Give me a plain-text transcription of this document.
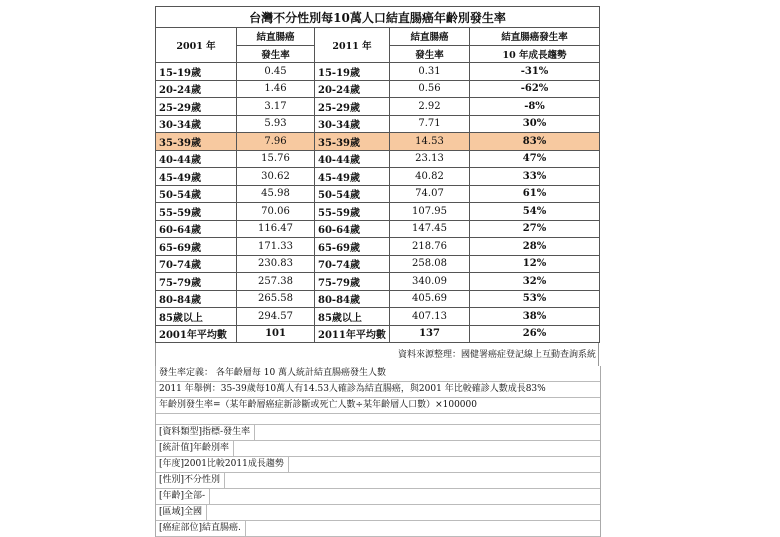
台灣不分性別每10萬人口結直腸癌年齡別發生率				
2001 年	結直腸癌	2011 年	結直腸癌	結直腸癌發生率
	發生率		發生率	10 年成長趨勢
15-19歲	0.45	15-19歲	0.31	-31%
20-24歲	1.46	20-24歲	0.56	-62%
25-29歲	3.17	25-29歲	2.92	-8%
30-34歲	5.93	30-34歲	7.71	30%
35-39歲	7.96	35-39歲	14.53	83%
40-44歲	15.76	40-44歲	23.13	47%
45-49歲	30.62	45-49歲	40.82	33%
50-54歲	45.98	50-54歲	74.07	61%
55-59歲	70.06	55-59歲	107.95	54%
60-64歲	116.47	60-64歲	147.45	27%
65-69歲	171.33	65-69歲	218.76	28%
70-74歲	230.83	70-74歲	258.08	12%
75-79歲	257.38	75-79歲	340.09	32%
80-84歲	265.58	80-84歲	405.69	53%
85歲以上	294.57	85歲以上	407.13	38%
2001年平均數	101	2011年平均數	137	26%
資料來源整理：國健署癌症登記線上互動查詢系統
發生率定義： 各年齡層每 10 萬人統計結直腸癌發生人數
2011 年舉例：35-39歲每10萬人有14.53人確診為結直腸癌，與2001 年比較確診人數成長83%
年齡別發生率=（某年齡層癌症新診斷或死亡人數÷某年齡層人口數）×100000
[資料類型]指標-發生率
[統計值]年齡別率
[年度]2001比較2011成長趨勢
[性別]不分性別
[年齡]全部-
[區域]全國
[癌症部位]結直腸癌.
